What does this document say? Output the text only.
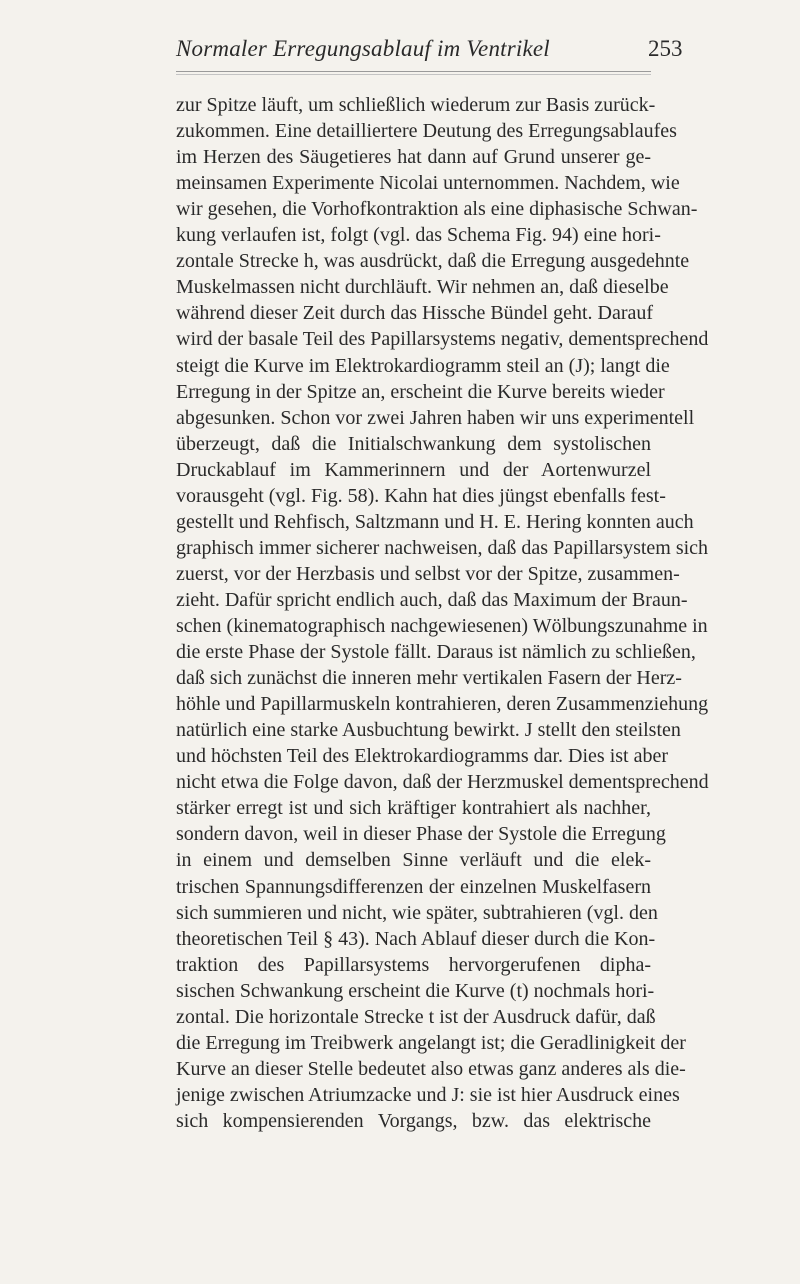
Normaler Erregungsablauf im Ventrikel	253
zur Spitze läuft, um schließlich wiederum zur Basis zurück-
zukommen. Eine detailliertere Deutung des Erregungsablaufes
im Herzen des Säugetieres hat dann auf Grund unserer ge-
meinsamen Experimente Nicolai unternommen. Nachdem, wie
wir gesehen, die Vorhofkontraktion als eine diphasische Schwan-
kung verlaufen ist, folgt (vgl. das Schema Fig. 94) eine hori-
zontale Strecke h, was ausdrückt, daß die Erregung ausgedehnte
Muskelmassen nicht durchläuft. Wir nehmen an, daß dieselbe
während dieser Zeit durch das Hissche Bündel geht. Darauf
wird der basale Teil des Papillarsystems negativ, dementsprechend
steigt die Kurve im Elektrokardiogramm steil an (J); langt die
Erregung in der Spitze an, erscheint die Kurve bereits wieder
abgesunken. Schon vor zwei Jahren haben wir uns experimentell
überzeugt, daß die Initialschwankung dem systolischen
Druckablauf im Kammerinnern und der Aortenwurzel
vorausgeht (vgl. Fig. 58). Kahn hat dies jüngst ebenfalls fest-
gestellt und Rehfisch, Saltzmann und H. E. Hering konnten auch
graphisch immer sicherer nachweisen, daß das Papillarsystem sich
zuerst, vor der Herzbasis und selbst vor der Spitze, zusammen-
zieht. Dafür spricht endlich auch, daß das Maximum der Braun-
schen (kinematographisch nachgewiesenen) Wölbungszunahme in
die erste Phase der Systole fällt. Daraus ist nämlich zu schließen,
daß sich zunächst die inneren mehr vertikalen Fasern der Herz-
höhle und Papillarmuskeln kontrahieren, deren Zusammenziehung
natürlich eine starke Ausbuchtung bewirkt. J stellt den steilsten
und höchsten Teil des Elektrokardiogramms dar. Dies ist aber
nicht etwa die Folge davon, daß der Herzmuskel dementsprechend
stärker erregt ist und sich kräftiger kontrahiert als nachher,
sondern davon, weil in dieser Phase der Systole die Erregung
in einem und demselben Sinne verläuft und die elek-
trischen Spannungsdifferenzen der einzelnen Muskelfasern
sich summieren und nicht, wie später, subtrahieren (vgl. den
theoretischen Teil § 43). Nach Ablauf dieser durch die Kon-
traktion des Papillarsystems hervorgerufenen dipha-
sischen Schwankung erscheint die Kurve (t) nochmals hori-
zontal. Die horizontale Strecke t ist der Ausdruck dafür, daß
die Erregung im Treibwerk angelangt ist; die Geradlinigkeit der
Kurve an dieser Stelle bedeutet also etwas ganz anderes als die-
jenige zwischen Atriumzacke und J: sie ist hier Ausdruck eines
sich kompensierenden Vorgangs, bzw. das elektrische
